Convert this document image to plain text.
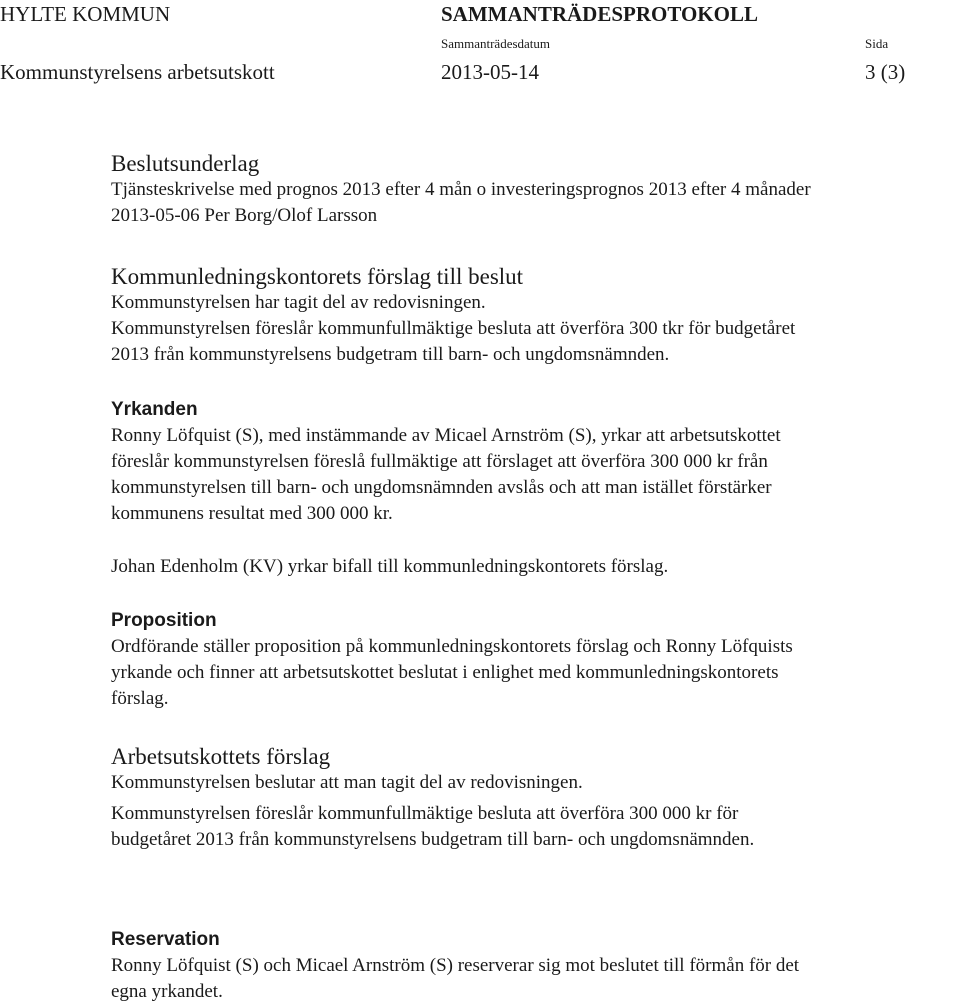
HYLTE KOMMUN	SAMMANTRÄDESPROTOKOLL
Sammanträdesdatum	Sida
Kommunstyrelsens arbetsutskott	2013-05-14	3 (3)
Beslutsunderlag

Tjänsteskrivelse med prognos 2013 efter 4 mån o investeringsprognos 2013 efter 4 månader

2013-05-06 Per Borg/Olof Larsson

Kommunledningskontorets förslag till beslut

Kommunstyrelsen har tagit del av redovisningen.

Kommunstyrelsen föreslår kommunfullmäktige besluta att överföra 300 tkr för budgetåret

2013 från kommunstyrelsens budgetram till barn- och ungdomsnämnden.

Yrkanden

Ronny Löfquist (S), med instämmande av Micael Arnström (S), yrkar att arbetsutskottet

föreslår kommunstyrelsen föreslå fullmäktige att förslaget att överföra 300 000 kr från

kommunstyrelsen till barn- och ungdomsnämnden avslås och att man istället förstärker

kommunens resultat med 300 000 kr.

Johan Edenholm (KV) yrkar bifall till kommunledningskontorets förslag.

Proposition

Ordförande ställer proposition på kommunledningskontorets förslag och Ronny Löfquists

yrkande och finner att arbetsutskottet beslutat i enlighet med kommunledningskontorets

förslag.

Arbetsutskottets förslag

Kommunstyrelsen beslutar att man tagit del av redovisningen.

Kommunstyrelsen föreslår kommunfullmäktige besluta att överföra 300 000 kr för

budgetåret 2013 från kommunstyrelsens budgetram till barn- och ungdomsnämnden.

Reservation

Ronny Löfquist (S) och Micael Arnström (S) reserverar sig mot beslutet till förmån för det

egna yrkandet.
